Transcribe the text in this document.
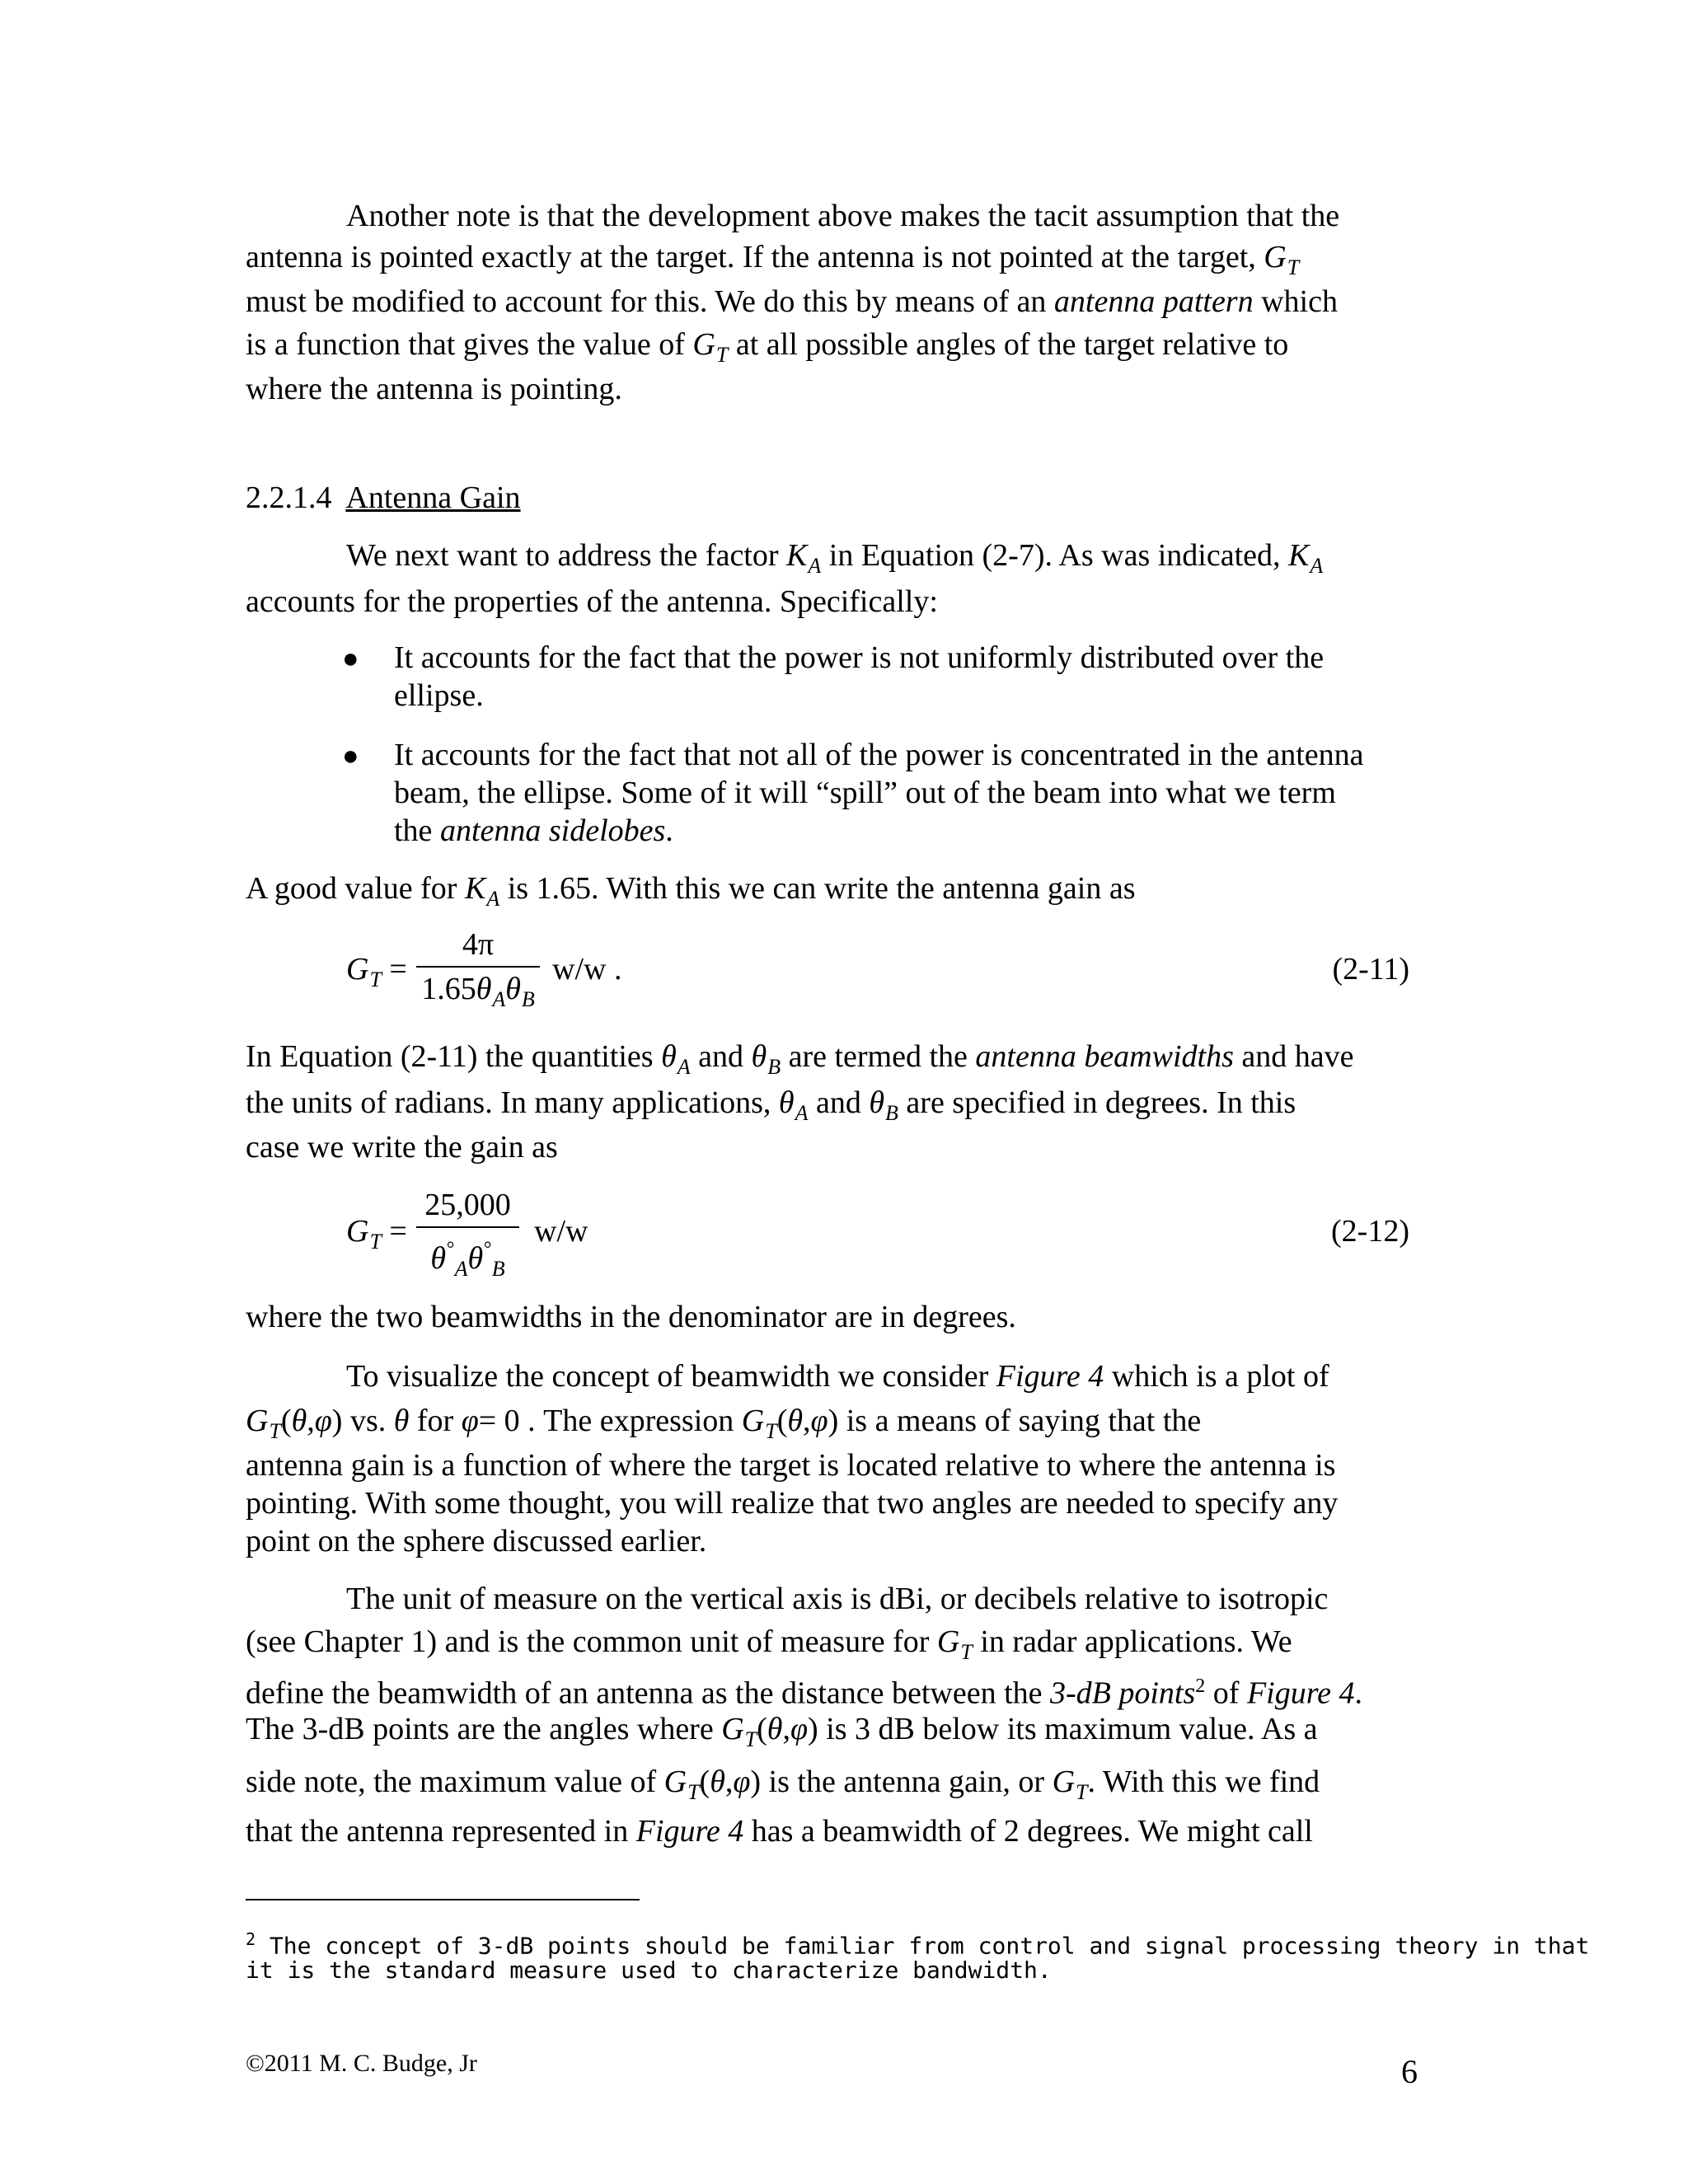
Another note is that the development above makes the tacit assumption that the
antenna is pointed exactly at the target. If the antenna is not pointed at the target, $G_T$
must be modified to account for this. We do this by means of an antenna pattern which
is a function that gives the value of $G_T$ at all possible angles of the target relative to
where the antenna is pointing.
2.2.1.4 Antenna Gain
We next want to address the factor $K_A$ in Equation (2-7). As was indicated, $K_A$
accounts for the properties of the antenna. Specifically:
● It accounts for the fact that the power is not uniformly distributed over the
ellipse.
● It accounts for the fact that not all of the power is concentrated in the antenna
beam, the ellipse. Some of it will “spill” out of the beam into what we term
the antenna sidelobes.
A good value for $K_A$ is 1.65. With this we can write the antenna gain as
$G_T$ =
4π
$1.65\theta_A\theta_B$
w/w .	(2-11)
In Equation (2-11) the quantities $\theta_A$ and $\theta_B$ are termed the antenna beamwidths and have
the units of radians. In many applications, $\theta_A$ and $\theta_B$ are specified in degrees. In this
case we write the gain as
$G_T$ =
25,000
$\theta^\circ_A\theta^\circ_B$
w/w	(2-12)
where the two beamwidths in the denominator are in degrees.
To visualize the concept of beamwidth we consider Figure 4 which is a plot of
$G_T(\theta,\varphi)$ vs. θ for φ= 0 . The expression $G_T(\theta,\varphi)$ is a means of saying that the
antenna gain is a function of where the target is located relative to where the antenna is
pointing. With some thought, you will realize that two angles are needed to specify any
point on the sphere discussed earlier.
The unit of measure on the vertical axis is dBi, or decibels relative to isotropic
(see Chapter 1) and is the common unit of measure for $G_T$ in radar applications. We
define the beamwidth of an antenna as the distance between the 3-dB points$^2$ of Figure 4.
The 3-dB points are the angles where $G_T(\theta,\varphi)$ is 3 dB below its maximum value. As a
side note, the maximum value of $G_T(\theta,\varphi)$ is the antenna gain, or $G_T$. With this we find
that the antenna represented in Figure 4 has a beamwidth of 2 degrees. We might call
$^2$ The concept of 3-dB points should be familiar from control and signal processing theory in that
it is the standard measure used to characterize bandwidth.
©2011 M. C. Budge, Jr	6
